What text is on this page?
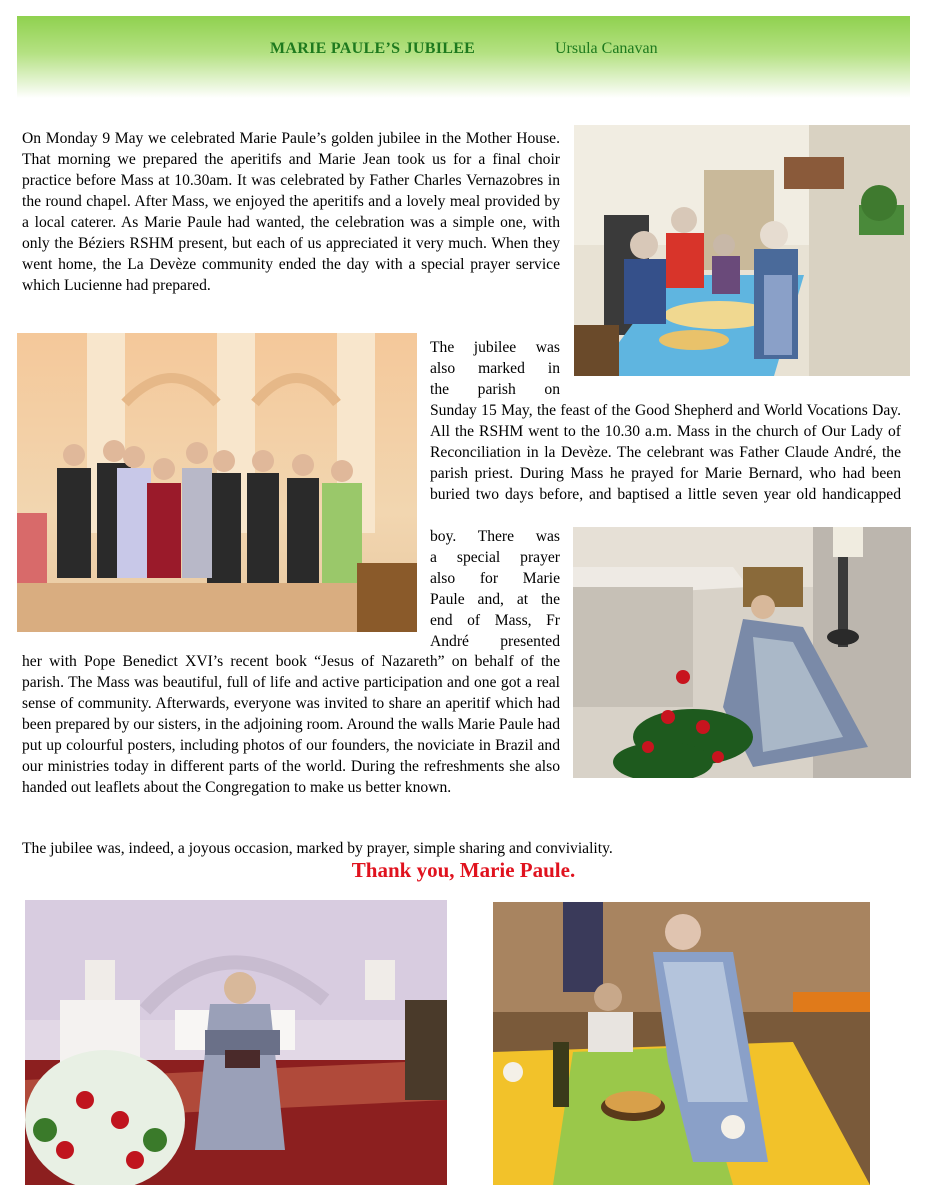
MARIE PAULE’S JUBILEE	Ursula Canavan

On Monday 9 May we celebrated Marie Paule’s golden jubilee in the Mother House. That morning we prepared the aperitifs and Marie Jean took us for a final choir practice before Mass at 10.30am. It was celebrated by Father Charles Vernazobres in the round chapel. After Mass, we enjoyed the aperitifs and a lovely meal provided by a local caterer. As Marie Paule had wanted, the celebration was a simple one, with only the Béziers RSHM present, but each of us appreciated it very much. When they went home, the La Devèze community ended the day with a special prayer service which Lucienne had prepared.

The jubilee was
also marked in
the parish on

Sunday 15 May, the feast of the Good Shepherd and World Vocations Day. All the RSHM went to the 10.30 a.m. Mass in the church of Our Lady of Reconciliation in la Devèze. The celebrant was Father Claude André, the parish priest. During Mass he prayed for Marie Bernard, who had been buried two days before, and baptised a little seven year old handicapped

boy. There was
a special prayer
also for Marie
Paule and, at the
end of Mass, Fr
André presented

her with Pope Benedict XVI’s recent book “Jesus of Nazareth” on behalf of the parish. The Mass was beautiful, full of life and active participation and one got a real sense of community. Afterwards, everyone was invited to share an aperitif which had been prepared by our sisters, in the adjoining room. Around the walls Marie Paule had put up colourful posters, including photos of our founders, the noviciate in Brazil and our ministries today in different parts of the world. During the refreshments she also handed out leaflets about the Congregation to make us better known.

The jubilee was, indeed, a joyous occasion, marked by prayer, simple sharing and conviviality.

Thank you, Marie Paule.
